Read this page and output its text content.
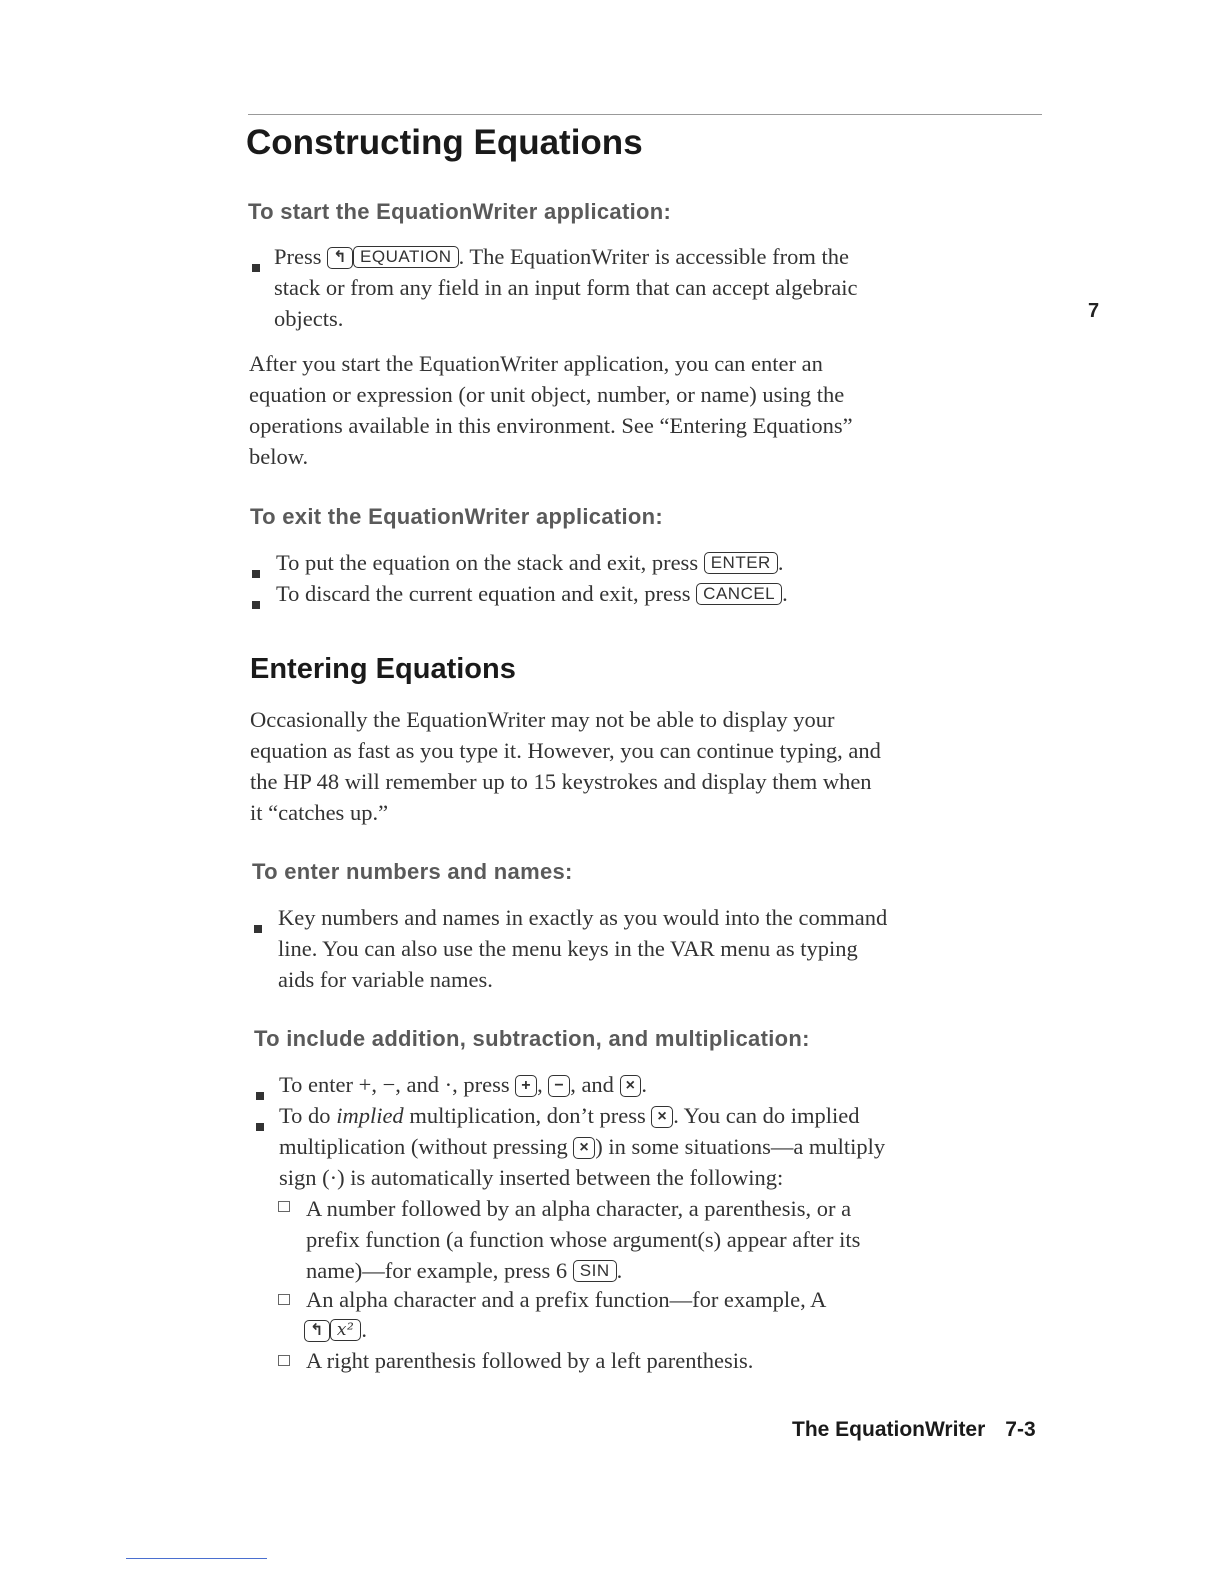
Constructing Equations
To start the EquationWriter application:

Press ↰ EQUATION . The EquationWriter is accessible from the

stack or from any field in an input form that can accept algebraic

objects.

After you start the EquationWriter application, you can enter an

equation or expression (or unit object, number, or name) using the

operations available in this environment. See “Entering Equations”

below.

To exit the EquationWriter application:

To put the equation on the stack and exit, press ENTER .

To discard the current equation and exit, press CANCEL .

Entering Equations

Occasionally the EquationWriter may not be able to display your

equation as fast as you type it. However, you can continue typing, and

the HP 48 will remember up to 15 keystrokes and display them when

it “catches up.”

To enter numbers and names:

Key numbers and names in exactly as you would into the command

line. You can also use the menu keys in the VAR menu as typing

aids for variable names.

To include addition, subtraction, and multiplication:

To enter +, −, and ·, press + , − , and × .

To do implied multiplication, don’t press × . You can do implied

multiplication (without pressing × ) in some situations—a multiply

sign (·) is automatically inserted between the following:

A number followed by an alpha character, a parenthesis, or a

prefix function (a function whose argument(s) appear after its

name)—for example, press 6 SIN .

An alpha character and a prefix function—for example, A

↰ x² .

A right parenthesis followed by a left parenthesis.

7
The EquationWriter 7-3
